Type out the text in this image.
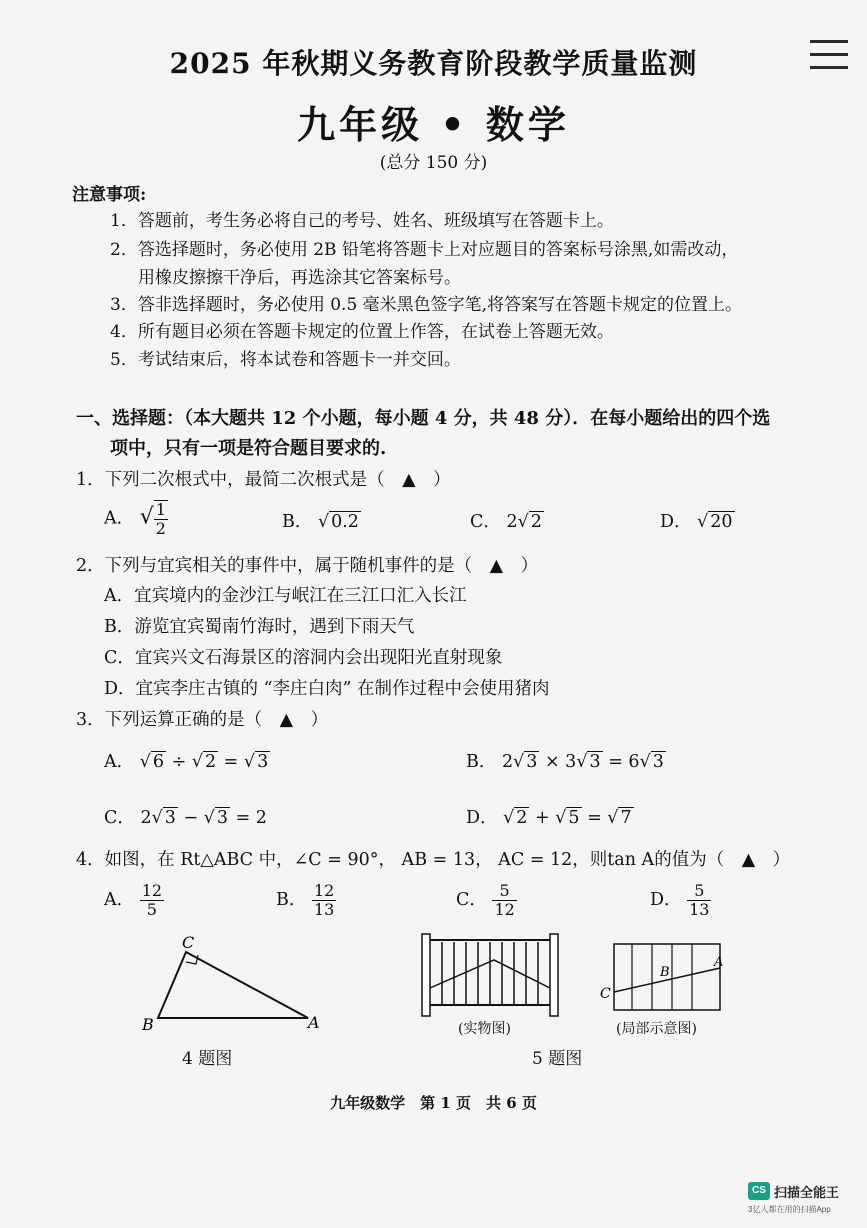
2025 年秋期义务教育阶段教学质量监测
九年级 • 数学
(总分 150 分)
注意事项:
1．答题前，考生务必将自己的考号、姓名、班级填写在答题卡上。
2．答选择题时，务必使用 2B 铅笔将答题卡上对应题目的答案标号涂黑,如需改动，
用橡皮擦擦干净后，再选涂其它答案标号。
3．答非选择题时，务必使用 0.5 毫米黑色签字笔,将答案写在答题卡规定的位置上。
4．所有题目必须在答题卡规定的位置上作答，在试卷上答题无效。
5．考试结束后，将本试卷和答题卡一并交回。
一、选择题：（本大题共 12 个小题，每小题 4 分，共 48 分）．在每小题给出的四个选
项中，只有一项是符合题目要求的.
1．下列二次根式中，最简二次根式是（　▲　）
A． √ $\frac{1}{2}$	B． √ 0.2	C． 2√ 2	D． √ 20
2．下列与宜宾相关的事件中，属于随机事件的是（　▲　）
A．宜宾境内的金沙江与岷江在三江口汇入长江
B．游览宜宾蜀南竹海时，遇到下雨天气
C．宜宾兴文石海景区的溶洞内会出现阳光直射现象
D．宜宾李庄古镇的 “李庄白肉” 在制作过程中会使用猪肉
3．下列运算正确的是（　▲　）
A． √ 6 ÷ √ 2 = √ 3	B． 2√ 3 × 3√ 3 = 6√ 3
C． 2√ 3 − √ 3 = 2	D． √ 2 + √ 5 = √ 7
4．如图，在 Rt△ABC 中，∠C = 90°， AB = 13， AC = 12，则tan A的值为（　▲　）
A． $\frac{12}{5}$	B． $\frac{12}{13}$	C． $\frac{5}{12}$	D． $\frac{5}{13}$
C
B	A
4 题图
(实物图)
C
B
A
(局部示意图)
5 题图
九年级数学　第 1 页　共 6 页
CS 扫描全能王
3亿人都在用的扫描App
